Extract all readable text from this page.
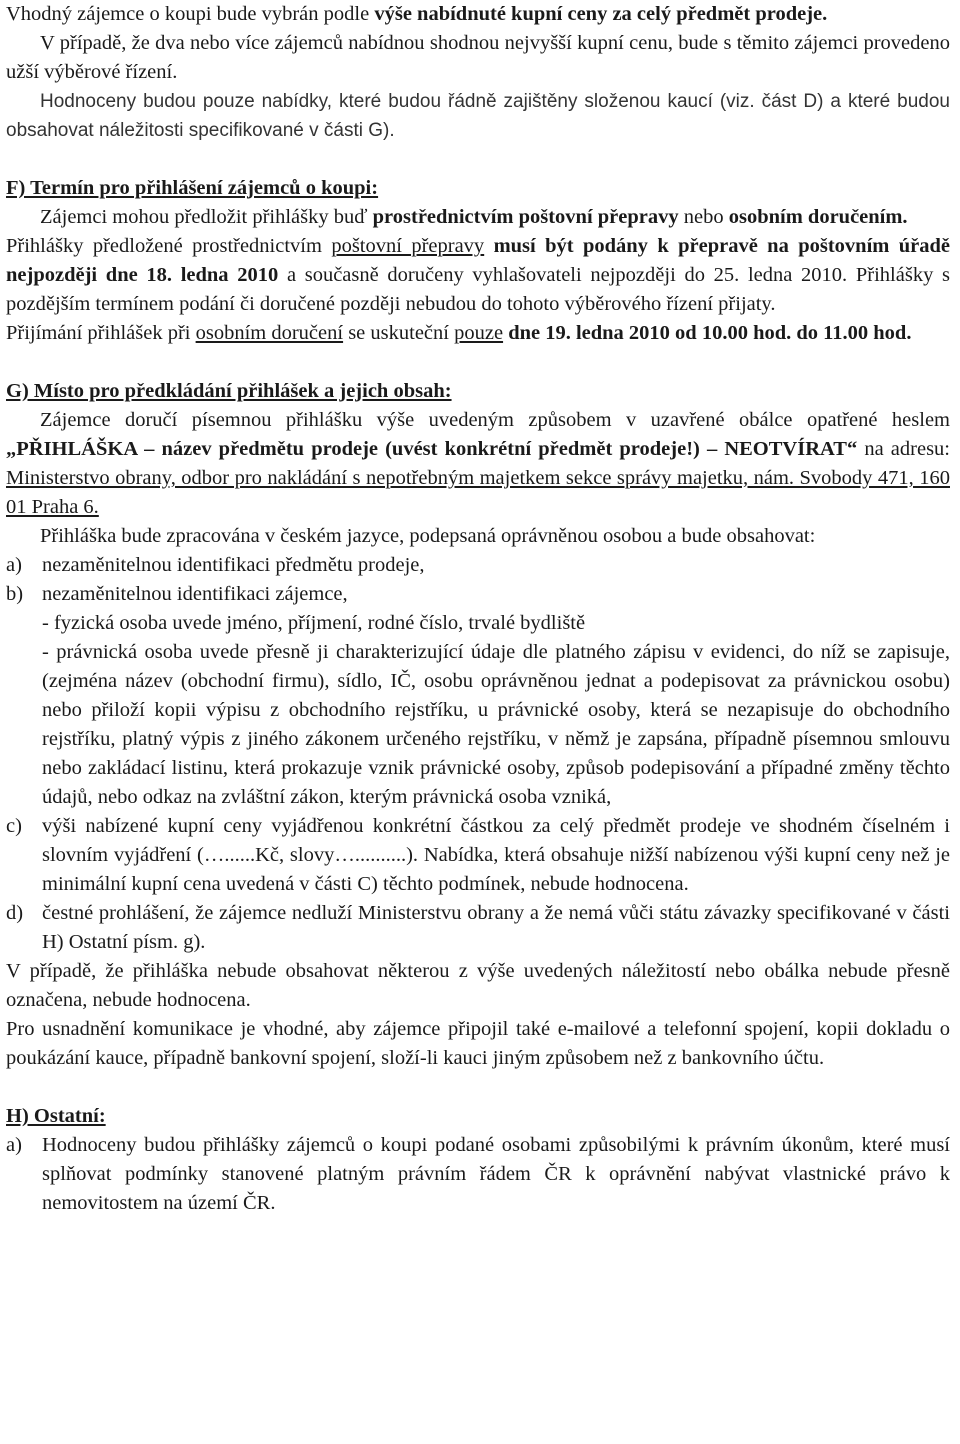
Vhodný zájemce o koupi bude vybrán podle výše nabídnuté kupní ceny za celý předmět prodeje.

V případě, že dva nebo více zájemců nabídnou shodnou nejvyšší kupní cenu, bude s těmito zájemci provedeno užší výběrové řízení.

Hodnoceny budou pouze nabídky, které budou řádně zajištěny složenou kaucí (viz. část D) a které budou obsahovat náležitosti specifikované v části G).

F) Termín pro přihlášení zájemců o koupi:

Zájemci mohou předložit přihlášky buď prostřednictvím poštovní přepravy nebo osobním doručením.

Přihlášky předložené prostřednictvím poštovní přepravy musí být podány k přepravě na poštovním úřadě nejpozději dne 18. ledna 2010 a současně doručeny vyhlašovateli nejpozději do 25. ledna 2010. Přihlášky s pozdějším termínem podání či doručené později nebudou do tohoto výběrového řízení přijaty.

Přijímání přihlášek při osobním doručení se uskuteční pouze dne 19. ledna 2010 od 10.00 hod. do 11.00 hod.

G) Místo pro předkládání přihlášek a jejich obsah:

Zájemce doručí písemnou přihlášku výše uvedeným způsobem v uzavřené obálce opatřené heslem „PŘIHLÁŠKA – název předmětu prodeje (uvést konkrétní předmět prodeje!) – NEOTVÍRAT“ na adresu: Ministerstvo obrany, odbor pro nakládání s nepotřebným majetkem sekce správy majetku, nám. Svobody 471, 160 01 Praha 6.

Přihláška bude zpracována v českém jazyce, podepsaná oprávněnou osobou a bude obsahovat:

a) nezaměnitelnou identifikaci předmětu prodeje,
b) nezaměnitelnou identifikaci zájemce,

- fyzická osoba uvede jméno, příjmení, rodné číslo, trvalé bydliště

- právnická osoba uvede přesně ji charakterizující údaje dle platného zápisu v evidenci, do níž se zapisuje, (zejména název (obchodní firmu), sídlo, IČ, osobu oprávněnou jednat a podepisovat za právnickou osobu) nebo přiloží kopii výpisu z obchodního rejstříku, u právnické osoby, která se nezapisuje do obchodního rejstříku, platný výpis z jiného zákonem určeného rejstříku, v němž je zapsána, případně písemnou smlouvu nebo zakládací listinu, která prokazuje vznik právnické osoby, způsob podepisování a případné změny těchto údajů, nebo odkaz na zvláštní zákon, kterým právnická osoba vzniká,

c) výši nabízené kupní ceny vyjádřenou konkrétní částkou za celý předmět prodeje ve shodném číselném i slovním vyjádření (…......Kč, slovy…..........). Nabídka, která obsahuje nižší nabízenou výši kupní ceny než je minimální kupní cena uvedená v části C) těchto podmínek, nebude hodnocena.
d) čestné prohlášení, že zájemce nedluží Ministerstvu obrany a že nemá vůči státu závazky specifikované v části H) Ostatní písm. g).

V případě, že přihláška nebude obsahovat některou z výše uvedených náležitostí nebo obálka nebude přesně označena, nebude hodnocena.

Pro usnadnění komunikace je vhodné, aby zájemce připojil také e-mailové a telefonní spojení, kopii dokladu o poukázání kauce, případně bankovní spojení, složí-li kauci jiným způsobem než z bankovního účtu.

H) Ostatní:

a) Hodnoceny budou přihlášky zájemců o koupi podané osobami způsobilými k právním úkonům, které musí splňovat podmínky stanovené platným právním řádem ČR k oprávnění nabývat vlastnické právo k nemovitostem na území ČR.
